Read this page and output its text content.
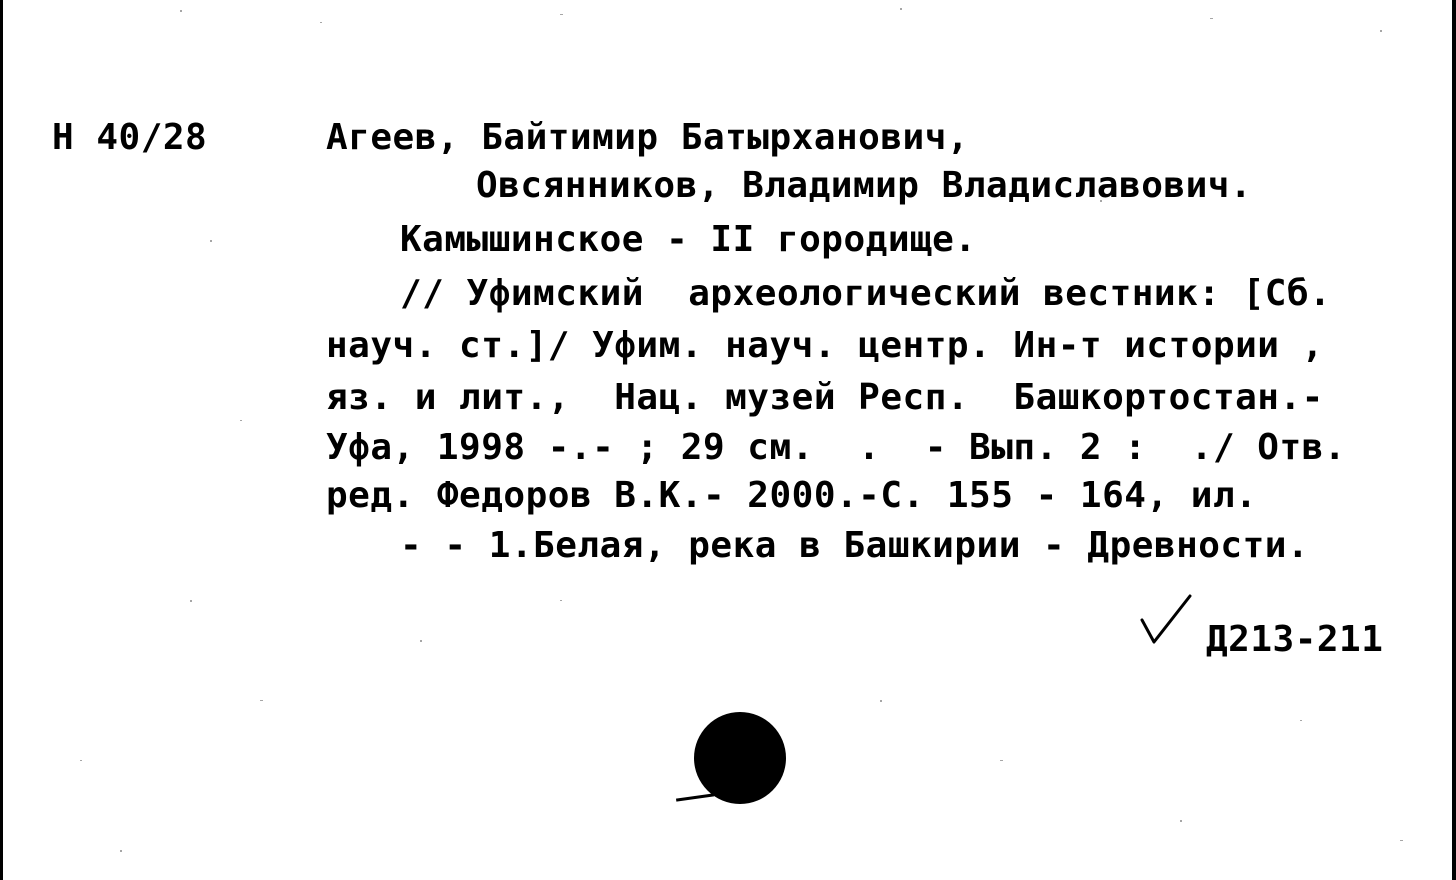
Н 40/28	Агеев, Байтимир Батырханович,
Овсянников, Владимир Владиславович.
Камышинское - II городище.
// Уфимский  археологический вестник: [Сб.
науч. ст.]/ Уфим. науч. центр. Ин-т истории ,
яз. и лит.,  Нац. музей Респ.  Башкортостан.-
Уфа, 1998 -.- ; 29 см.  .  - Вып. 2 :  ./ Отв.
ред. Федоров В.К.- 2000.-С. 155 - 164, ил.
- - 1.Белая, река в Башкирии - Древности.
Д213-211
